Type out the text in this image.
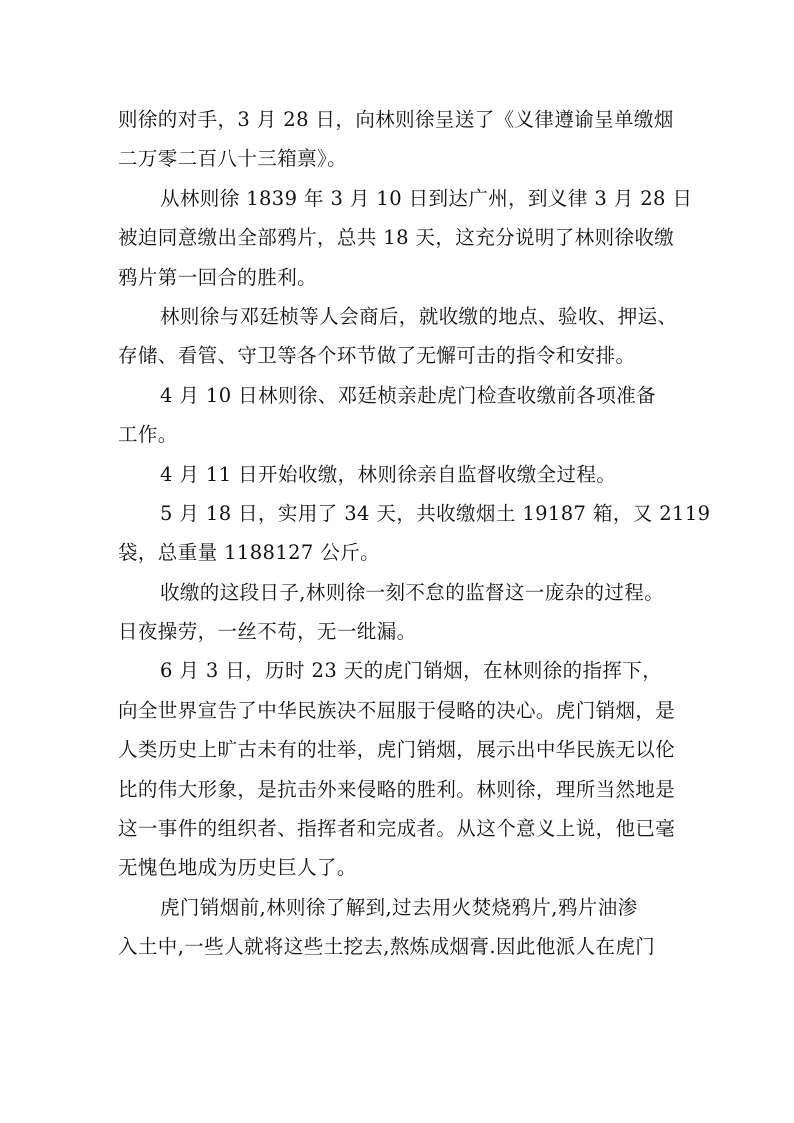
则徐的对手，3 月 28 日，向林则徐呈送了《义律遵谕呈单缴烟
二万零二百八十三箱禀》。
从林则徐 1839 年 3 月 10 日到达广州，到义律 3 月 28 日
被迫同意缴出全部鸦片，总共 18 天，这充分说明了林则徐收缴
鸦片第一回合的胜利。
林则徐与邓廷桢等人会商后，就收缴的地点、验收、押运、
存储、看管、守卫等各个环节做了无懈可击的指令和安排。
4 月 10 日林则徐、邓廷桢亲赴虎门检查收缴前各项准备
工作。
4 月 11 日开始收缴，林则徐亲自监督收缴全过程。
5 月 18 日，实用了 34 天，共收缴烟土 19187 箱，又 2119
袋，总重量 1188127 公斤。
收缴的这段日子,林则徐一刻不怠的监督这一庞杂的过程。
日夜操劳，一丝不苟，无一纰漏。
6 月 3 日，历时 23 天的虎门销烟，在林则徐的指挥下，
向全世界宣告了中华民族决不屈服于侵略的决心。虎门销烟，是
人类历史上旷古未有的壮举，虎门销烟，展示出中华民族无以伦
比的伟大形象，是抗击外来侵略的胜利。林则徐，理所当然地是
这一事件的组织者、指挥者和完成者。从这个意义上说，他已毫
无愧色地成为历史巨人了。
虎门销烟前,林则徐了解到,过去用火焚烧鸦片,鸦片油渗
入土中,一些人就将这些土挖去,熬炼成烟膏.因此他派人在虎门
